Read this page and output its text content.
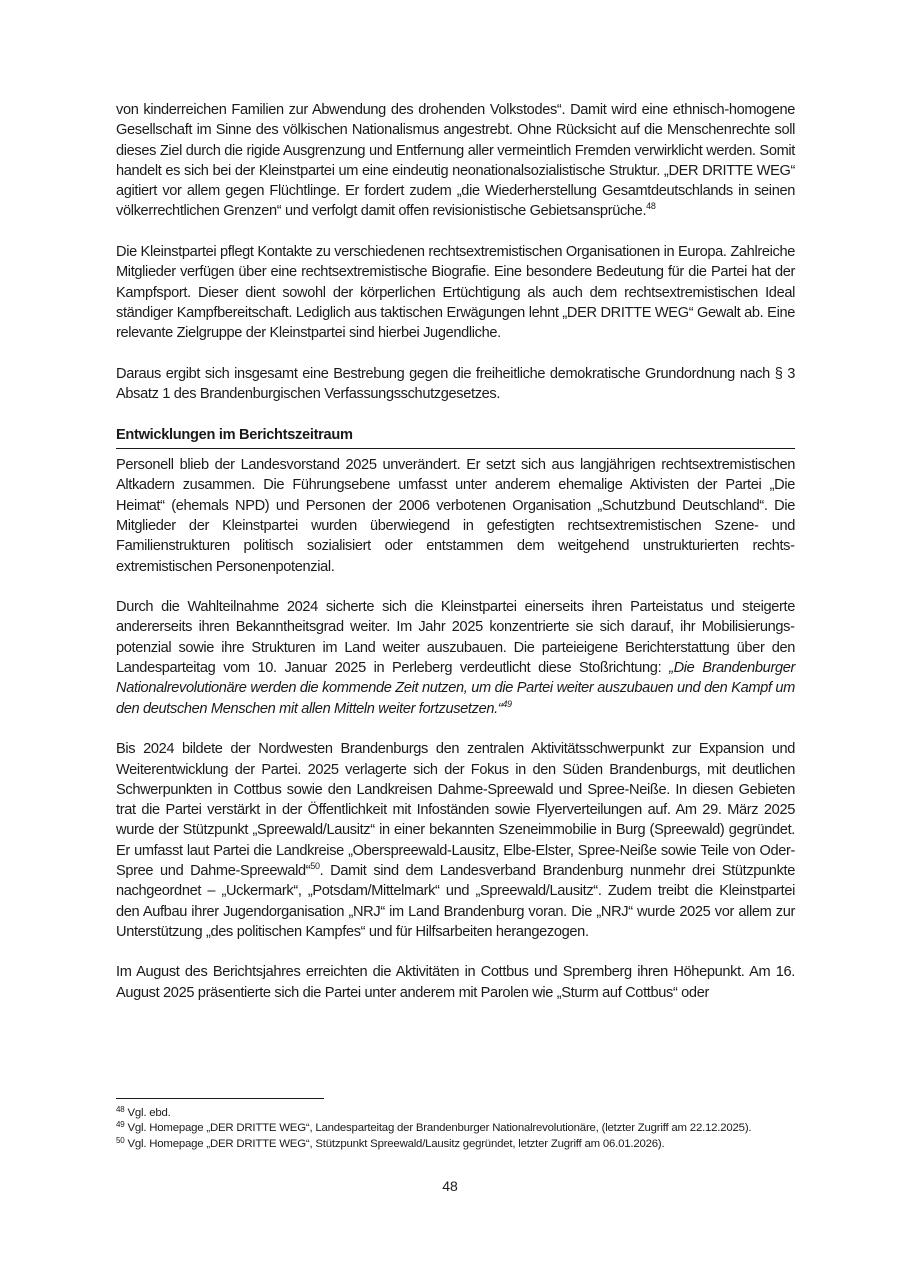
von kinderreichen Familien zur Abwendung des drohenden Volkstodes“. Damit wird eine ethnisch-homogene Gesellschaft im Sinne des völkischen Nationalismus angestrebt. Ohne Rücksicht auf die Menschenrechte soll dieses Ziel durch die rigide Ausgrenzung und Entfernung aller vermeintlich Fremden verwirklicht werden. Somit handelt es sich bei der Kleinstpartei um eine eindeutig neonationalsozialistische Struktur. „DER DRITTE WEG“ agitiert vor allem gegen Flüchtlinge. Er fordert zudem „die Wiederherstellung Gesamtdeutschlands in seinen völkerrechtlichen Grenzen“ und verfolgt damit offen revisionistische Gebietsansprüche.$^{48}$

Die Kleinstpartei pflegt Kontakte zu verschiedenen rechtsextremistischen Organisationen in Europa. Zahlreiche Mitglieder verfügen über eine rechtsextremistische Biografie. Eine besondere Bedeutung für die Partei hat der Kampfsport. Dieser dient sowohl der körperlichen Ertüchtigung als auch dem rechtsextremistischen Ideal ständiger Kampfbereitschaft. Lediglich aus taktischen Erwägungen lehnt „DER DRITTE WEG“ Gewalt ab. Eine relevante Zielgruppe der Kleinstpartei sind hierbei Jugendliche.

Daraus ergibt sich insgesamt eine Bestrebung gegen die freiheitliche demokratische Grundordnung nach § 3 Absatz 1 des Brandenburgischen Verfassungsschutzgesetzes.

Entwicklungen im Berichtszeitraum

Personell blieb der Landesvorstand 2025 unverändert. Er setzt sich aus langjährigen rechtsextremistischen Altkadern zusammen. Die Führungsebene umfasst unter anderem ehemalige Aktivisten der Partei „Die Heimat“ (ehemals NPD) und Personen der 2006 verbotenen Organisation „Schutzbund Deutschland“. Die Mitglieder der Kleinstpartei wurden überwiegend in gefestigten rechtsextremistischen Szene- und Familienstrukturen politisch sozialisiert oder entstammen dem weitgehend unstrukturierten rechtsextremistischen Personenpotenzial.

Durch die Wahlteilnahme 2024 sicherte sich die Kleinstpartei einerseits ihren Parteistatus und steigerte andererseits ihren Bekanntheitsgrad weiter. Im Jahr 2025 konzentrierte sie sich darauf, ihr Mobilisierungspotenzial sowie ihre Strukturen im Land weiter auszubauen. Die parteieigene Berichterstattung über den Landesparteitag vom 10. Januar 2025 in Perleberg verdeutlicht diese Stoßrichtung: „Die Brandenburger Nationalrevolutionäre werden die kommende Zeit nutzen, um die Partei weiter auszubauen und den Kampf um den deutschen Menschen mit allen Mitteln weiter fortzusetzen.“$^{49}$

Bis 2024 bildete der Nordwesten Brandenburgs den zentralen Aktivitätsschwerpunkt zur Expansion und Weiterentwicklung der Partei. 2025 verlagerte sich der Fokus in den Süden Brandenburgs, mit deutlichen Schwerpunkten in Cottbus sowie den Landkreisen Dahme-Spreewald und Spree-Neiße. In diesen Gebieten trat die Partei verstärkt in der Öffentlichkeit mit Infoständen sowie Flyerverteilungen auf. Am 29. März 2025 wurde der Stützpunkt „Spreewald/Lausitz“ in einer bekannten Szeneimmobilie in Burg (Spreewald) gegründet. Er umfasst laut Partei die Landkreise „Oberspreewald-Lausitz, Elbe-Elster, Spree-Neiße sowie Teile von Oder-Spree und Dahme-Spreewald“$^{50}$. Damit sind dem Landesverband Brandenburg nunmehr drei Stützpunkte nachgeordnet – „Uckermark“, „Potsdam/Mittelmark“ und „Spreewald/Lausitz“. Zudem treibt die Kleinstpartei den Aufbau ihrer Jugendorganisation „NRJ“ im Land Brandenburg voran. Die „NRJ“ wurde 2025 vor allem zur Unterstützung „des politischen Kampfes“ und für Hilfsarbeiten herangezogen.

Im August des Berichtsjahres erreichten die Aktivitäten in Cottbus und Spremberg ihren Höhepunkt. Am 16. August 2025 präsentierte sich die Partei unter anderem mit Parolen wie „Sturm auf Cottbus“ oder

$^{48}$ Vgl. ebd.

$^{49}$ Vgl. Homepage „DER DRITTE WEG“, Landesparteitag der Brandenburger Nationalrevolutionäre, (letzter Zugriff am 22.12.2025).

$^{50}$ Vgl. Homepage „DER DRITTE WEG“, Stützpunkt Spreewald/Lausitz gegründet, letzter Zugriff am 06.01.2026).

48
